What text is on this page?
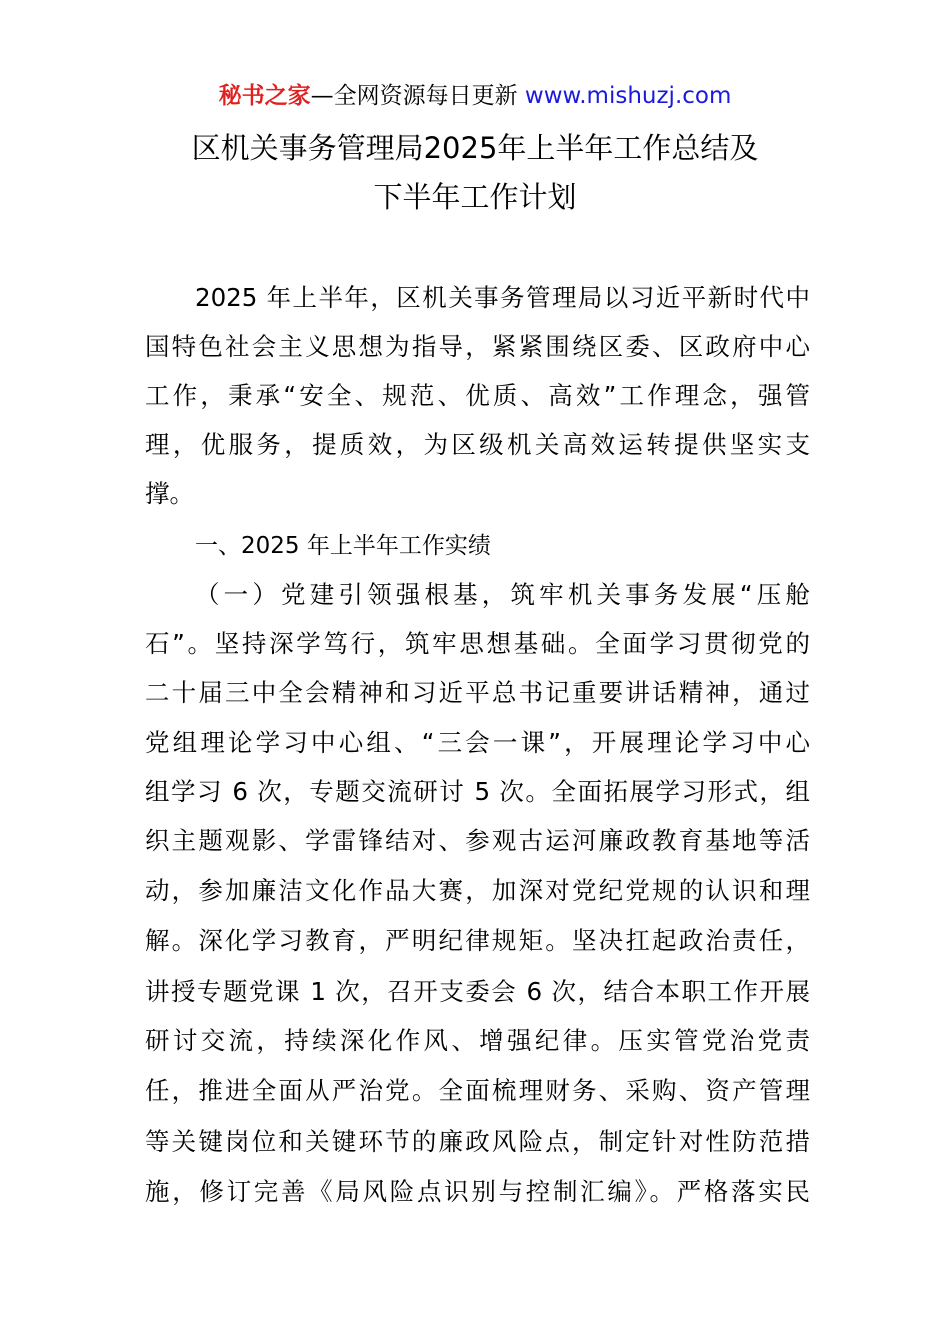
秘书之家—全网资源每日更新 www.mishuzj.com
区机关事务管理局2025年上半年工作总结及
下半年工作计划
2025 年上半年，区机关事务管理局以习近平新时代中
国特色社会主义思想为指导，紧紧围绕区委、区政府中心
工作，秉承“安全、规范、优质、高效”工作理念，强管
理，优服务，提质效，为区级机关高效运转提供坚实支
撑。
一、2025 年上半年工作实绩
（一）党建引领强根基，筑牢机关事务发展“压舱
石”。坚持深学笃行，筑牢思想基础。全面学习贯彻党的
二十届三中全会精神和习近平总书记重要讲话精神，通过
党组理论学习中心组、“三会一课”，开展理论学习中心
组学习 6 次，专题交流研讨 5 次。全面拓展学习形式，组
织主题观影、学雷锋结对、参观古运河廉政教育基地等活
动，参加廉洁文化作品大赛，加深对党纪党规的认识和理
解。深化学习教育，严明纪律规矩。坚决扛起政治责任，
讲授专题党课 1 次，召开支委会 6 次，结合本职工作开展
研讨交流，持续深化作风、增强纪律。压实管党治党责
任，推进全面从严治党。全面梳理财务、采购、资产管理
等关键岗位和关键环节的廉政风险点，制定针对性防范措
施，修订完善《局风险点识别与控制汇编》。严格落实民
